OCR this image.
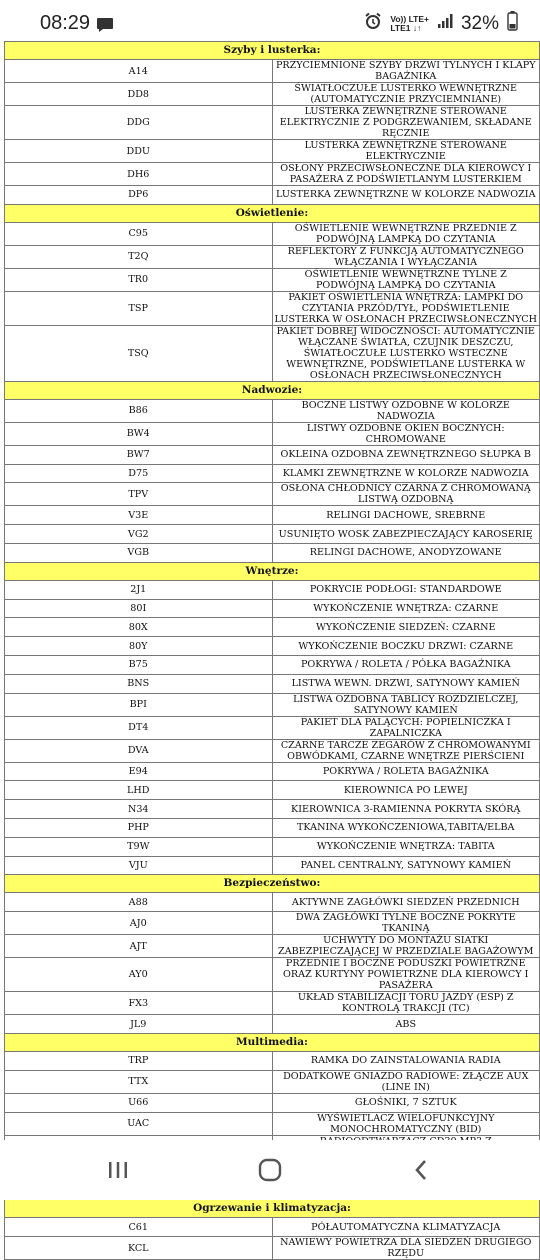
08:29	Vo)) LTE+
LTE1 ↓↑	32%
Szyby i lusterka:	
A14	PRZYCIEMNIONE SZYBY DRZWI TYLNYCH I KLAPY BAGAŻNIKA
DD8	ŚWIATŁOCZUŁE LUSTERKO WEWNĘTRZNE (AUTOMATYCZNIE PRZYCIEMNIANE)
DDG	LUSTERKA ZEWNĘTRZNE STEROWANE ELEKTRYCZNIE Z PODGRZEWANIEM, SKŁADANE RĘCZNIE
DDU	LUSTERKA ZEWNĘTRZNE STEROWANE ELEKTRYCZNIE
DH6	OSŁONY PRZECIWSŁONECZNE DLA KIEROWCY I PASAŻERA Z PODŚWIETLANYM LUSTERKIEM
DP6	LUSTERKA ZEWNĘTRZNE W KOLORZE NADWOZIA
Oświetlenie:	
C95	OŚWIETLENIE WEWNĘTRZNE PRZEDNIE Z PODWÓJNĄ LAMPKĄ DO CZYTANIA
T2Q	REFLEKTORY Z FUNKCJĄ AUTOMATYCZNEGO WŁĄCZANIA I WYŁĄCZANIA
TR0	OŚWIETLENIE WEWNĘTRZNE TYLNE Z PODWÓJNĄ LAMPKĄ DO CZYTANIA
TSP	PAKIET OŚWIETLENIA WNĘTRZA: LAMPKI DO CZYTANIA PRZÓD/TYŁ, PODŚWIETLENIE LUSTERKA W OSŁONACH PRZECIWSŁONECZNYCH
TSQ	PAKIET DOBREJ WIDOCZNOŚCI: AUTOMATYCZNIE WŁĄCZANE ŚWIATŁA, CZUJNIK DESZCZU, ŚWIATŁOCZUŁE LUSTERKO WSTECZNE WEWNĘTRZNE, PODŚWIETLANE LUSTERKA W OSŁONACH PRZECIWSŁONECZNYCH
Nadwozie:	
B86	BOCZNE LISTWY OZDOBNE W KOLORZE NADWOZIA
BW4	LISTWY OZDOBNE OKIEN BOCZNYCH: CHROMOWANE
BW7	OKLEINA OZDOBNA ZEWNĘTRZNEGO SŁUPKA B
D75	KLAMKI ZEWNĘTRZNE W KOLORZE NADWOZIA
TPV	OSŁONA CHŁODNICY CZARNA Z CHROMOWANĄ LISTWĄ OZDOBNĄ
V3E	RELINGI DACHOWE, SREBRNE
VG2	USUNIĘTO WOSK ZABEZPIECZAJĄCY KAROSERIĘ
VGB	RELINGI DACHOWE, ANODYZOWANE
Wnętrze:	
2J1	POKRYCIE PODŁOGI: STANDARDOWE
80I	WYKOŃCZENIE WNĘTRZA: CZARNE
80X	WYKOŃCZENIE SIEDZEŃ: CZARNE
80Y	WYKOŃCZENIE BOCZKU DRZWI: CZARNE
B75	POKRYWA / ROLETA / PÓŁKA BAGAŻNIKA
BNS	LISTWA WEWN. DRZWI, SATYNOWY KAMIEŃ
BPI	LISTWA OZDOBNA TABLICY ROZDZIELCZEJ, SATYNOWY KAMIEŃ
DT4	PAKIET DLA PALĄCYCH: POPIELNICZKA I ZAPALNICZKA
DVA	CZARNE TARCZE ZEGARÓW Z CHROMOWANYMI OBWÓDKAMI, CZARNE WNĘTRZE PIERŚCIENI
E94	POKRYWA / ROLETA BAGAŻNIKA
LHD	KIEROWNICA PO LEWEJ
N34	KIEROWNICA 3-RAMIENNA POKRYTA SKÓRĄ
PHP	TKANINA WYKOŃCZENIOWA,TABITA/ELBA
T9W	WYKOŃCZENIE WNĘTRZA: TABITA
VJU	PANEL CENTRALNY, SATYNOWY KAMIEŃ
Bezpieczeństwo:	
A88	AKTYWNE ZAGŁÓWKI SIEDZEŃ PRZEDNICH
AJ0	DWA ZAGŁÓWKI TYLNE BOCZNE POKRYTE TKANINĄ
AJT	UCHWYTY DO MONTAŻU SIATKI ZABEZPIECZAJĄCEJ W PRZEDZIALE BAGAŻOWYM
AY0	PRZEDNIE I BOCZNE PODUSZKI POWIETRZNE ORAZ KURTYNY POWIETRZNE DLA KIEROWCY I PASAŻERA
FX3	UKŁAD STABILIZACJI TORU JAZDY (ESP) Z KONTROLĄ TRAKCJI (TC)
JL9	ABS
Multimedia:	
TRP	RAMKA DO ZAINSTALOWANIA RADIA
TTX	DODATKOWE GNIAZDO RADIOWE: ZŁĄCZE AUX (LINE IN)
U66	GŁOŚNIKI, 7 SZTUK
UAC	WYŚWIETLACZ WIELOFUNKCYJNY MONOCHROMATYCZNY (BID)

Ogrzewanie i klimatyzacja:	
C61	PÓŁAUTOMATYCZNA KLIMATYZACJA
KCL	NAWIEWY POWIETRZA DLA SIEDZEŃ DRUGIEGO RZĘDU
